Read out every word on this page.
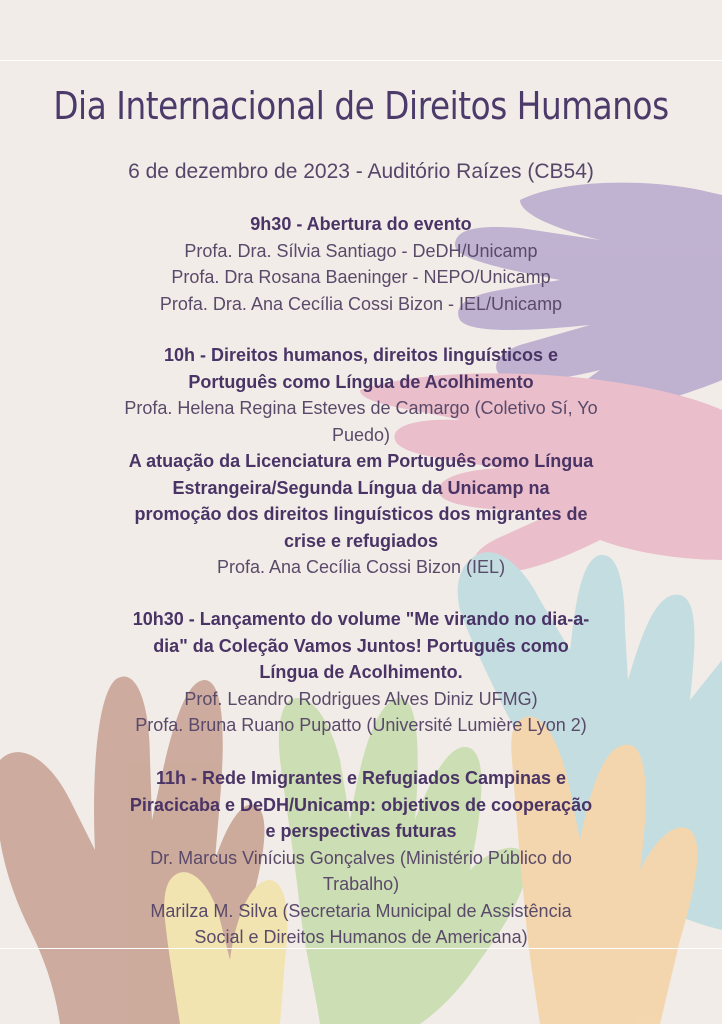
Dia Internacional de Direitos Humanos
6 de dezembro de 2023 - Auditório Raízes (CB54)
9h30 - Abertura do evento
Profa. Dra. Sílvia Santiago - DeDH/Unicamp
Profa. Dra Rosana Baeninger - NEPO/Unicamp
Profa. Dra. Ana Cecília Cossi Bizon - IEL/Unicamp
10h - Direitos humanos, direitos linguísticos e
Português como Língua de Acolhimento
Profa. Helena Regina Esteves de Camargo (Coletivo Sí, Yo
Puedo)
A atuação da Licenciatura em Português como Língua
Estrangeira/Segunda Língua da Unicamp na
promoção dos direitos linguísticos dos migrantes de
crise e refugiados
Profa. Ana Cecília Cossi Bizon (IEL)
10h30 - Lançamento do volume "Me virando no dia-a-
dia" da Coleção Vamos Juntos! Português como
Língua de Acolhimento.
Prof. Leandro Rodrigues Alves Diniz UFMG)
Profa. Bruna Ruano Pupatto (Université Lumière Lyon 2)
11h - Rede Imigrantes e Refugiados Campinas e
Piracicaba e DeDH/Unicamp: objetivos de cooperação
e perspectivas futuras
Dr. Marcus Vinícius Gonçalves (Ministério Público do
Trabalho)
Marilza M. Silva (Secretaria Municipal de Assistência
Social e Direitos Humanos de Americana)
